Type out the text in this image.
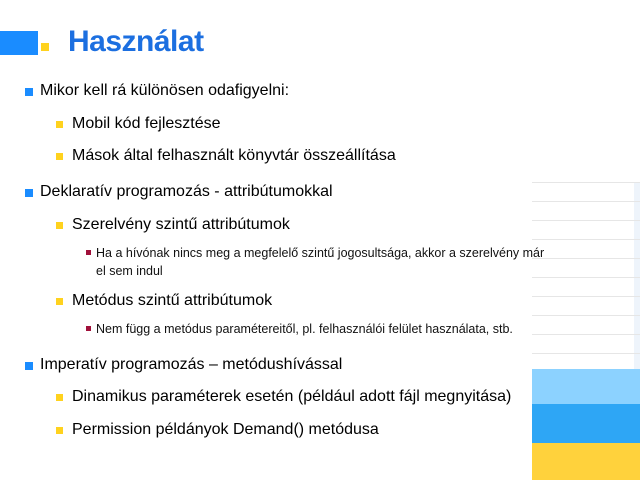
Használat
Mikor kell rá különösen odafigyelni:
Mobil kód fejlesztése
Mások által felhasznált könyvtár összeállítása
Deklaratív programozás - attribútumokkal
Szerelvény szintű attribútumok
Ha a hívónak nincs meg a megfelelő szintű jogosultsága, akkor a szerelvény már
el sem indul
Metódus szintű attribútumok
Nem függ a metódus paramétereitől, pl. felhasználói felület használata, stb.
Imperatív programozás – metódushívással
Dinamikus paraméterek esetén (például adott fájl megnyitása)
Permission példányok Demand() metódusa
